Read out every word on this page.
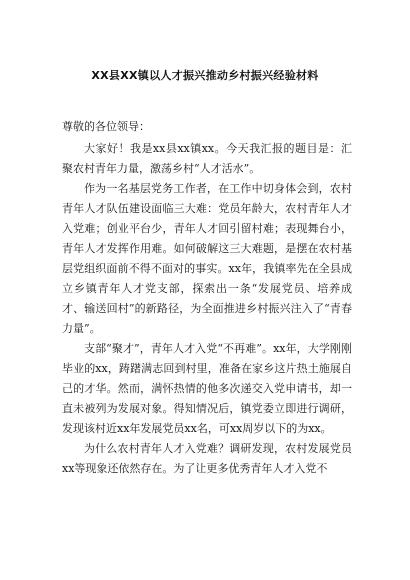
XX县XX镇以人才振兴推动乡村振兴经验材料

尊敬的各位领导：

大家好！我是xx县xx镇xx。今天我汇报的题目是：汇聚农村青年力量，激荡乡村“人才活水”。

作为一名基层党务工作者，在工作中切身体会到，农村青年人才队伍建设面临三大难：党员年龄大，农村青年人才入党难；创业平台少，青年人才回引留村难；表现舞台小，青年人才发挥作用难。如何破解这三大难题，是摆在农村基层党组织面前不得不面对的事实。xx年，我镇率先在全县成立乡镇青年人才党支部，探索出一条“发展党员、培养成才、输送回村”的新路径，为全面推进乡村振兴注入了“青春力量”。

支部“聚才”，青年人才入党“不再难”。xx年，大学刚刚毕业的xx，踌躇满志回到村里，准备在家乡这片热土施展自己的才华。然而，满怀热情的他多次递交入党申请书，却一直未被列为发展对象。得知情况后，镇党委立即进行调研，发现该村近xx年发展党员xx名，可xx周岁以下的为xx。

为什么农村青年人才入党难？调研发现，农村发展党员xx等现象还依然存在。为了让更多优秀青年人才入党不
